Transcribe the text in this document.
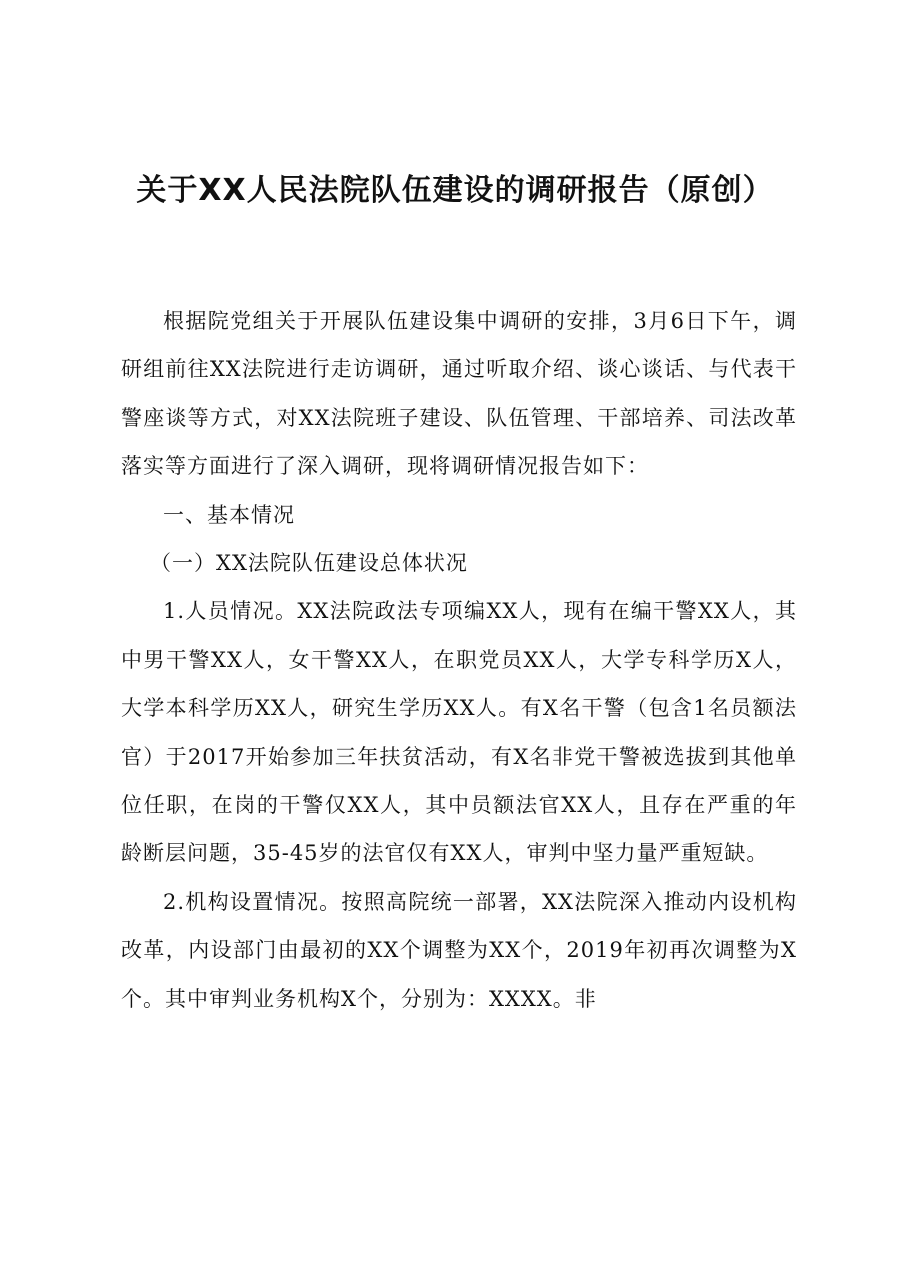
关于XX人民法院队伍建设的调研报告（原创）

根据院党组关于开展队伍建设集中调研的安排，3月6日下午，调研组前往XX法院进行走访调研，通过听取介绍、谈心谈话、与代表干警座谈等方式，对XX法院班子建设、队伍管理、干部培养、司法改革落实等方面进行了深入调研，现将调研情况报告如下：

一、基本情况

（一）XX法院队伍建设总体状况

1.人员情况。XX法院政法专项编XX人，现有在编干警XX人，其中男干警XX人，女干警XX人，在职党员XX人，大学专科学历X人，大学本科学历XX人，研究生学历XX人。有X名干警（包含1名员额法官）于2017开始参加三年扶贫活动，有X名非党干警被选拔到其他单位任职，在岗的干警仅XX人，其中员额法官XX人，且存在严重的年龄断层问题，35-45岁的法官仅有XX人，审判中坚力量严重短缺。

2.机构设置情况。按照高院统一部署，XX法院深入推动内设机构改革，内设部门由最初的XX个调整为XX个，2019年初再次调整为X个。其中审判业务机构X个，分别为：XXXX。非
